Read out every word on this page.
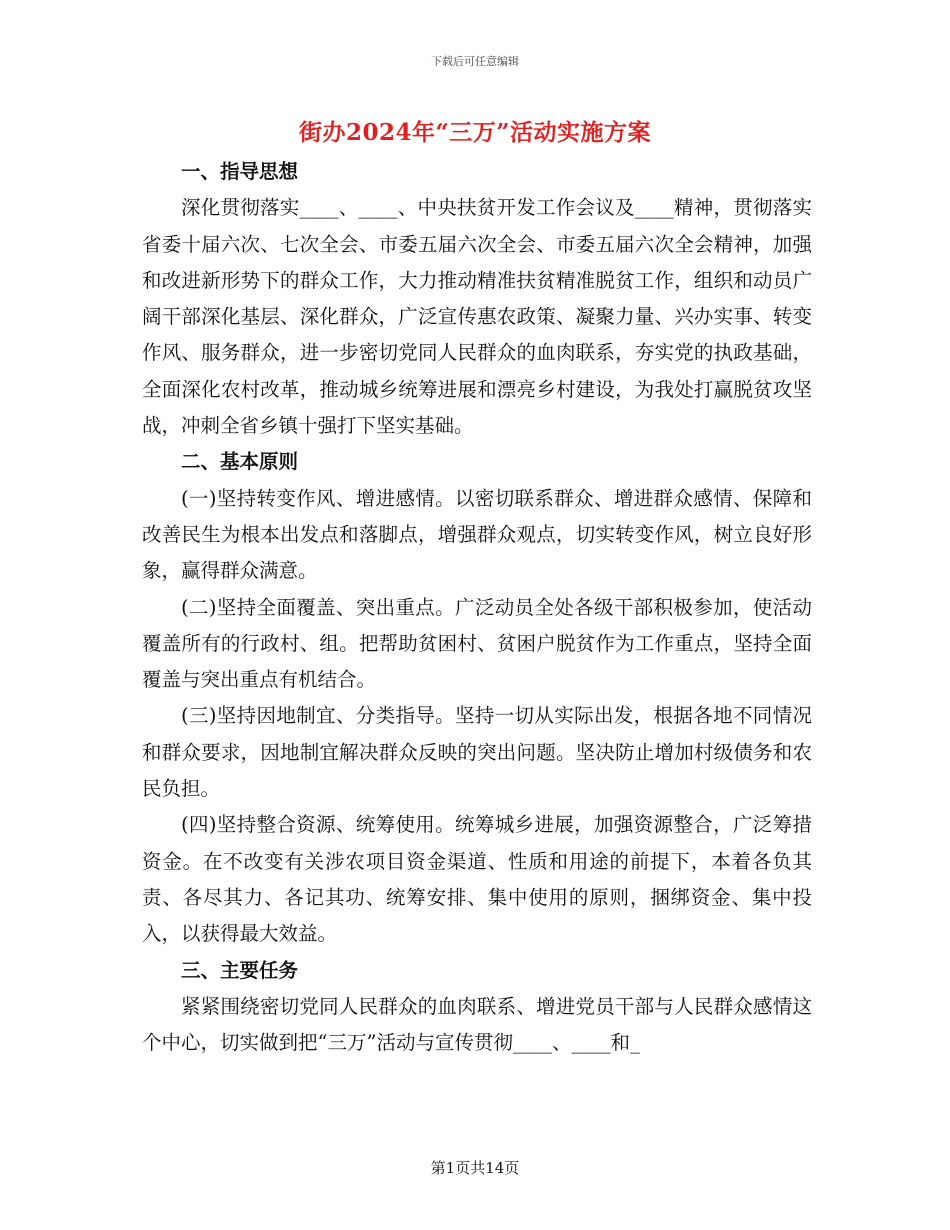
下载后可任意编辑
街办2024年“三万”活动实施方案
一、指导思想
深化贯彻落实____、____、中央扶贫开发工作会议及____精神，贯彻落实省委十届六次、七次全会、市委五届六次全会、市委五届六次全会精神，加强和改进新形势下的群众工作，大力推动精准扶贫精准脱贫工作，组织和动员广阔干部深化基层、深化群众，广泛宣传惠农政策、凝聚力量、兴办实事、转变作风、服务群众，进一步密切党同人民群众的血肉联系，夯实党的执政基础，全面深化农村改革，推动城乡统筹进展和漂亮乡村建设，为我处打赢脱贫攻坚战，冲刺全省乡镇十强打下坚实基础。
二、基本原则
(一)坚持转变作风、增进感情。以密切联系群众、增进群众感情、保障和改善民生为根本出发点和落脚点，增强群众观点，切实转变作风，树立良好形象，赢得群众满意。
(二)坚持全面覆盖、突出重点。广泛动员全处各级干部积极参加，使活动覆盖所有的行政村、组。把帮助贫困村、贫困户脱贫作为工作重点，坚持全面覆盖与突出重点有机结合。
(三)坚持因地制宜、分类指导。坚持一切从实际出发，根据各地不同情况和群众要求，因地制宜解决群众反映的突出问题。坚决防止增加村级债务和农民负担。
(四)坚持整合资源、统筹使用。统筹城乡进展，加强资源整合，广泛筹措资金。在不改变有关涉农项目资金渠道、性质和用途的前提下，本着各负其责、各尽其力、各记其功、统筹安排、集中使用的原则，捆绑资金、集中投入，以获得最大效益。
三、主要任务
紧紧围绕密切党同人民群众的血肉联系、增进党员干部与人民群众感情这个中心，切实做到把“三万”活动与宣传贯彻____、____和_
第1页共14页
